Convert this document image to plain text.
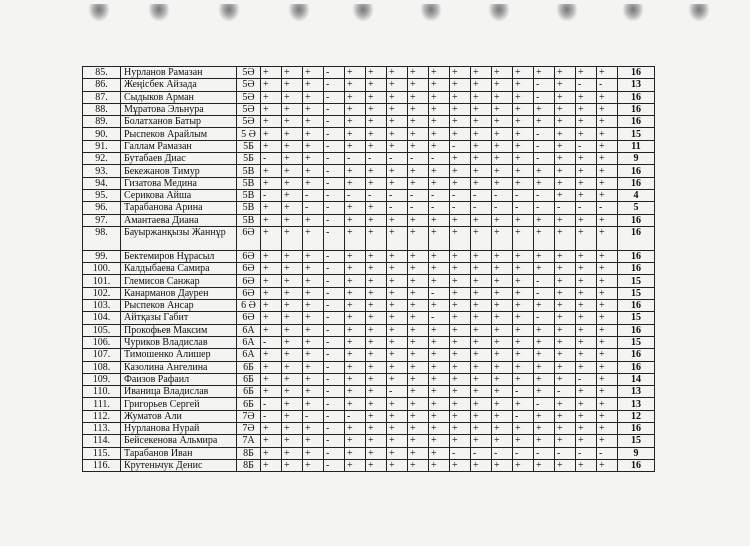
85.	Нурланов Рамазан	5Ә	+	+	+	-	+	+	+	+	+	+	+	+	+	+	+	+	+	16
86.	Жеңісбек Айзада	5Ә	+	+	+	-	+	+	+	+	+	+	+	+	+	-	+	-	-	13
87.	Сыдыков Арман	5Ә	+	+	+	-	+	+	+	+	+	+	+	+	+	-	+	+	+	16
88.	Мұратова Эльнура	5Ә	+	+	+	-	+	+	+	+	+	+	+	+	+	+	+	+	+	16
89.	Болатханов Батыр	5Ә	+	+	+	-	+	+	+	+	+	+	+	+	+	+	+	+	+	16
90.	Рыспеков Арайлым	5 Ә	+	+	+	-	+	+	+	+	+	+	+	+	+	-	+	+	+	15
91.	Галлам Рамазан	5Б	+	+	+	-	+	+	+	+	+	-	+	+	+	-	+	-	+	11
92.	Бутабаев Диас	5Б	-	+	+	-	-	-	-	-	-	+	+	+	+	-	+	+	+	9
93.	Бекежанов Тимур	5В	+	+	+	-	+	+	+	+	+	+	+	+	+	+	+	+	+	16
94.	Гизатова Медина	5В	+	+	+	-	+	+	+	+	+	+	+	+	+	+	+	+	+	16
95.	Серикова Айша	5В	-	+	-	-	-	-	-	-	-	-	-	-	-	-	+	+	+	4
96.	Тарабанова Арина	5В	+	+	-	-	+	+	-	-	-	-	-	-	-	-	-	-	-	5
97.	Амантаева Диана	5В	+	+	+	-	+	+	+	+	+	+	+	+	+	+	+	+	+	16
98.	Бауыржанқызы Жаннұр	6Ә	+	+	+	-	+	+	+	+	+	+	+	+	+	+	+	+	+	16
99.	Бектемиров Нұрасыл	6Ә	+	+	+	-	+	+	+	+	+	+	+	+	+	+	+	+	+	16
100.	Калдыбаева Самира	6Ә	+	+	+	-	+	+	+	+	+	+	+	+	+	+	+	+	+	16
101.	Глемисов Санжар	6Ә	+	+	+	-	+	+	+	+	+	+	+	+	+	-	+	+	+	15
102.	Канарманов Даурен	6Ә	+	+	+	-	+	+	+	+	-	+	+	+	+	-	+	+	+	15
103.	Рыспеков Ансар	6 Ә	+	+	+	-	+	+	+	+	+	+	+	+	+	+	+	+	+	16
104.	Айтқазы Габит	6Ә	+	+	+	-	+	+	+	+	-	+	+	+	+	-	+	+	+	15
105.	Прокофьев Максим	6А	+	+	+	-	+	+	+	+	+	+	+	+	+	+	+	+	+	16
106.	Чуриков Владислав	6А	-	+	+	-	+	+	+	+	+	+	+	+	+	+	+	+	+	15
107.	Тимошенко Алишер	6А	+	+	+	-	+	+	+	+	+	+	+	+	+	+	+	+	+	16
108.	Казолина Ангелина	6Б	+	+	+	-	+	+	+	+	+	+	+	+	+	+	+	+	+	16
109.	Фаизов Рафаил	6Б	+	+	+	-	+	+	+	+	+	+	+	+	+	+	+	-	+	14
110.	Иваница Владислав	6Б	+	+	+	-	+	+	-	+	+	+	+	+	-	+	-	+	+	13
111.	Григорьев Сергей	6Б	-	+	+	-	+	+	+	+	+	+	+	+	+	-	+	+	+	13
112.	Жуматов Али	7Ә	-	+	-	-	-	+	+	+	+	+	+	+	-	+	+	+	+	12
113.	Нурланова Нурай	7Ә	+	+	+	-	+	+	+	+	+	+	+	+	+	+	+	+	+	16
114.	Бейсекенова Альмира	7А	+	+	+	-	+	+	+	+	+	+	+	+	+	+	+	+	+	15
115.	Тарабанов Иван	8Б	+	+	+	-	+	+	+	+	+	-	-	-	-	-	-	-	-	9
116.	Крутеньчук Денис	8Б	+	+	+	-	+	+	+	+	+	+	+	+	+	+	+	+	+	16
